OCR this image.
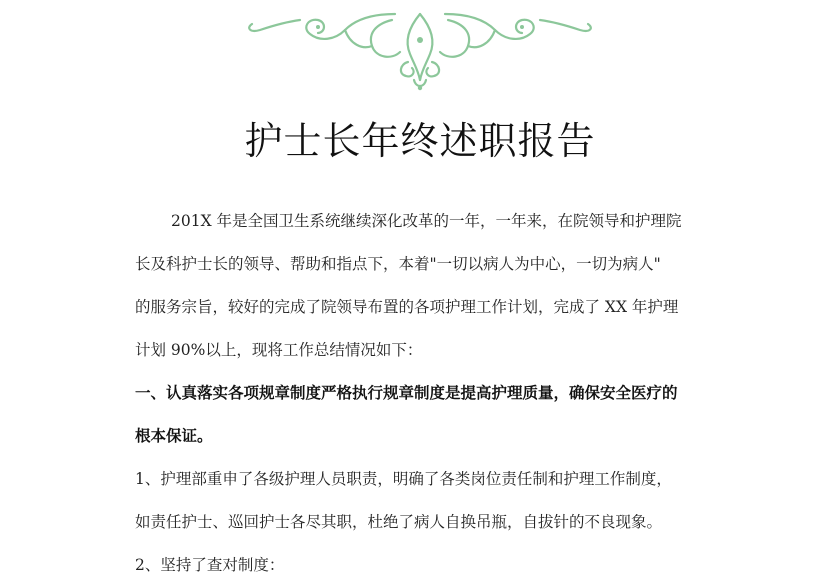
护士长年终述职报告
201X 年是全国卫生系统继续深化改革的一年，一年来，在院领导和护理院
长及科护士长的领导、帮助和指点下，本着"一切以病人为中心，一切为病人"
的服务宗旨，较好的完成了院领导布置的各项护理工作计划，完成了 XX 年护理
计划 90%以上，现将工作总结情况如下：
一、认真落实各项规章制度严格执行规章制度是提高护理质量，确保安全医疗的
根本保证。
1、护理部重申了各级护理人员职责，明确了各类岗位责任制和护理工作制度，
如责任护士、巡回护士各尽其职，杜绝了病人自换吊瓶，自拔针的不良现象。
2、坚持了查对制度：
